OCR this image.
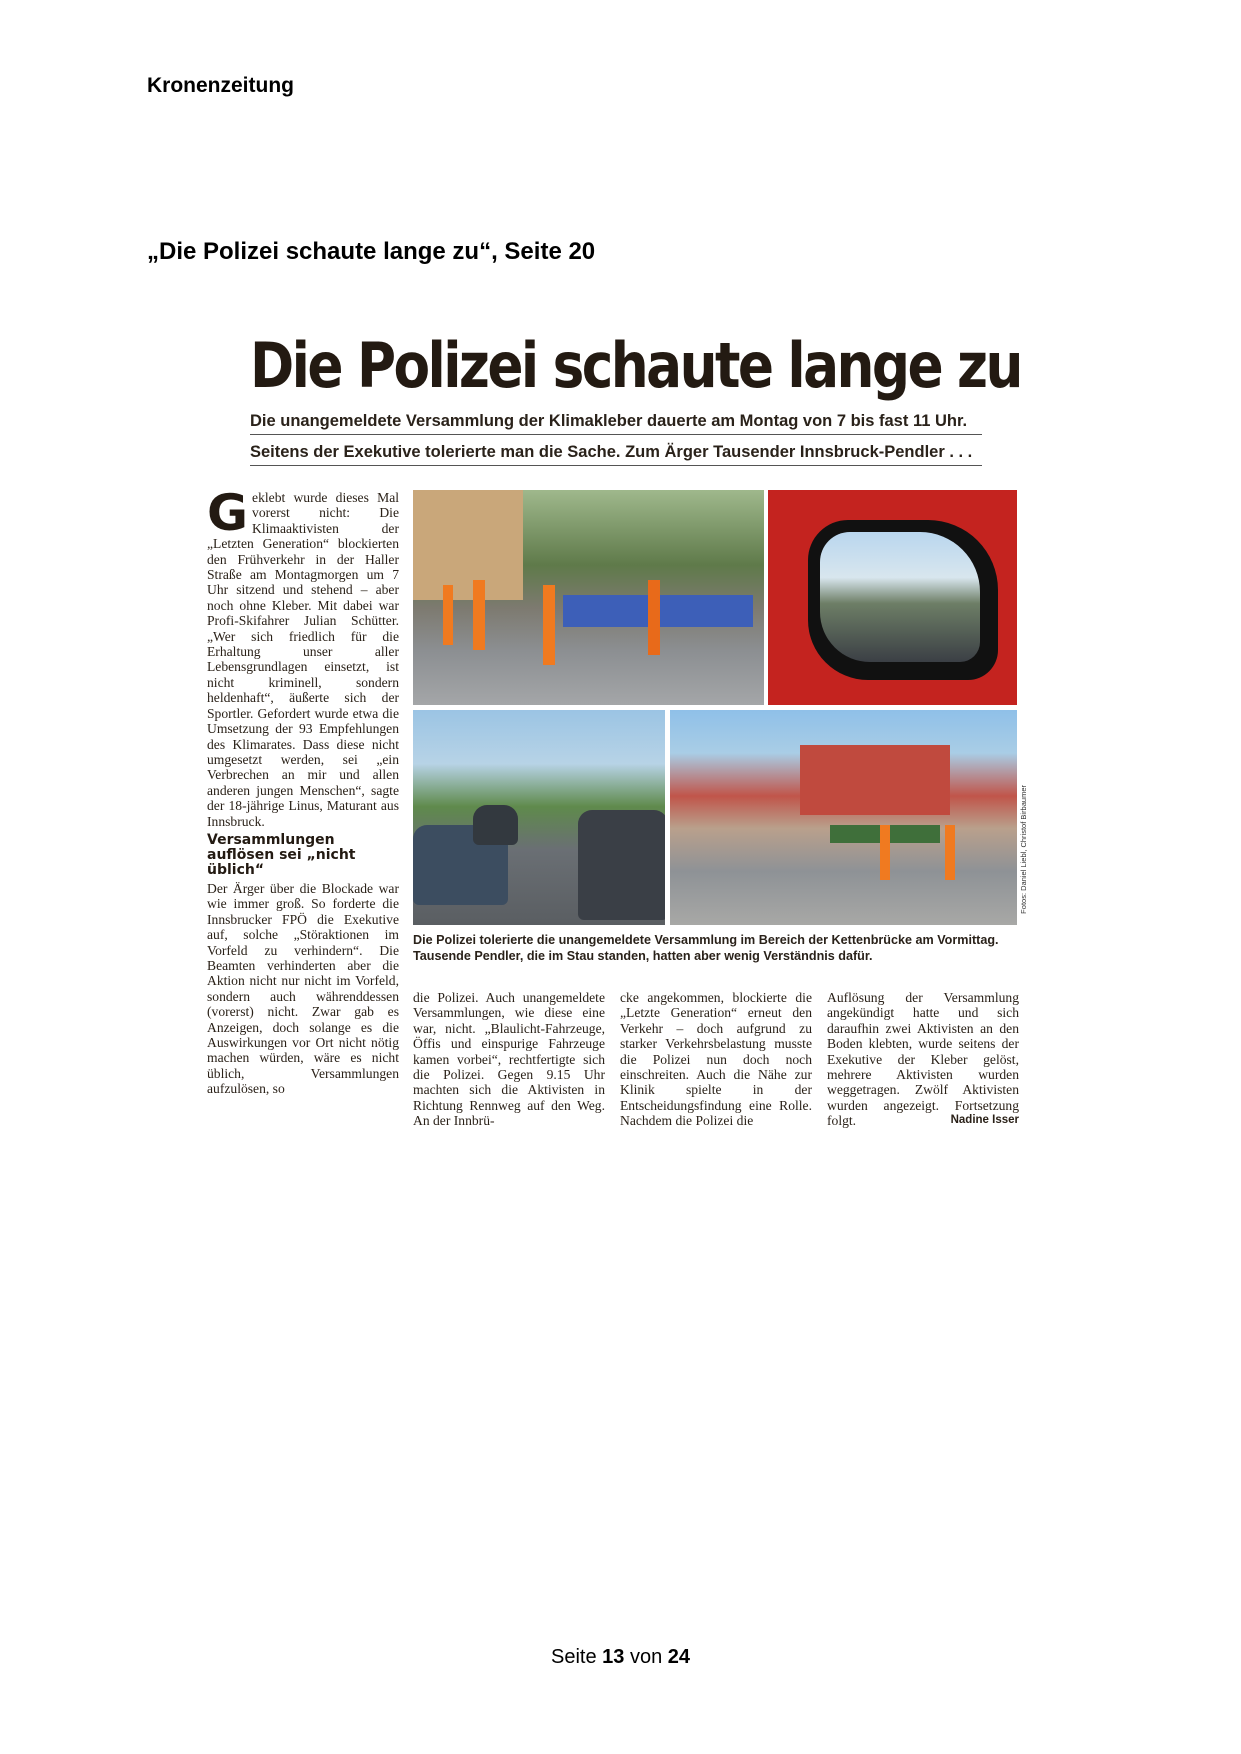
Kronenzeitung
„Die Polizei schaute lange zu“, Seite 20
Die Polizei schaute lange zu
Die unangemeldete Versammlung der Klimakleber dauerte am Montag von 7 bis fast 11 Uhr.
Seitens der Exekutive tolerierte man die Sache. Zum Ärger Tausender Innsbruck-Pendler . . .
G eklebt wurde dieses Mal vorerst nicht: Die Klimaaktivisten der „Letzten Generation“ blockierten den Frühverkehr in der Haller Straße am Montagmorgen um 7 Uhr sitzend und stehend – aber noch ohne Kleber. Mit dabei war Profi-Skifahrer Julian Schütter. „Wer sich friedlich für die Erhaltung unser aller Lebensgrundlagen einsetzt, ist nicht kriminell, sondern heldenhaft“, äußerte sich der Sportler. Gefordert wurde etwa die Umsetzung der 93 Empfehlungen des Klimarates. Dass diese nicht umgesetzt werden, sei „ein Verbrechen an mir und allen anderen jungen Menschen“, sagte der 18-jährige Linus, Maturant aus Innsbruck.
Versammlungen auflösen sei „nicht üblich“
Der Ärger über die Blockade war wie immer groß. So forderte die Innsbrucker FPÖ die Exekutive auf, solche „Störaktionen im Vorfeld zu verhindern“. Die Beamten verhinderten aber die Aktion nicht nur nicht im Vorfeld, sondern auch währenddessen (vorerst) nicht. Zwar gab es Anzeigen, doch solange es die Auswirkungen vor Ort nicht nötig machen würden, wäre es nicht üblich, Versammlungen aufzulösen, so
Fotos: Daniel Liebl, Christof Birbaumer
Die Polizei tolerierte die unangemeldete Versammlung im Bereich der Kettenbrücke am Vormittag. Tausende Pendler, die im Stau standen, hatten aber wenig Verständnis dafür.
die Polizei. Auch unangemeldete Versammlungen, wie diese eine war, nicht. „Blaulicht-Fahrzeuge, Öffis und einspurige Fahrzeuge kamen vorbei“, rechtfertigte sich die Polizei. Gegen 9.15 Uhr machten sich die Aktivisten in Richtung Rennweg auf den Weg. An der Innbrü-
cke angekommen, blockierte die „Letzte Generation“ erneut den Verkehr – doch aufgrund zu starker Verkehrsbelastung musste die Polizei nun doch noch einschreiten. Auch die Nähe zur Klinik spielte in der Entscheidungsfindung eine Rolle. Nachdem die Polizei die
Auflösung der Versammlung angekündigt hatte und sich daraufhin zwei Aktivisten an den Boden klebten, wurde seitens der Exekutive der Kleber gelöst, mehrere Aktivisten wurden weggetragen. Zwölf Aktivisten wurden angezeigt. Fortsetzung folgt.	Nadine Isser
Seite 13 von 24
